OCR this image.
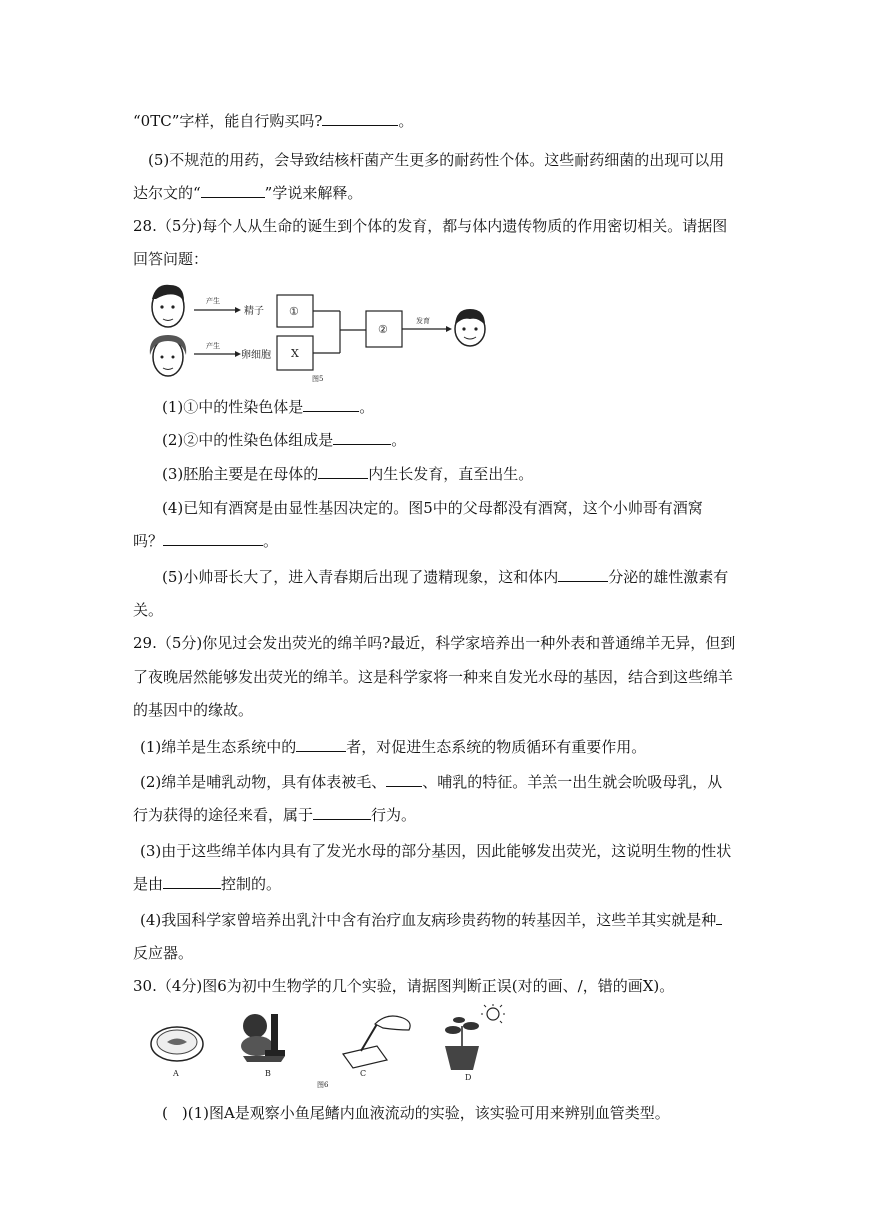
“0TC”字样，能自行购买吗?	。
(5)不规范的用药，会导致结核杆菌产生更多的耐药性个体。这些耐药细菌的出现可以用
达尔文的“	”学说来解释。
28.（5分)每个人从生命的诞生到个体的发育，都与体内遗传物质的作用密切相关。请据图
回答问题：
产生
精子 ①
产生
卵细胞 X
②
发育
图5
(1)①中的性染色体是	。
(2)②中的性染色体组成是	。
(3)胚胎主要是在母体的	内生长发育，直至出生。
(4)已知有酒窝是由显性基因决定的。图5中的父母都没有酒窝，这个小帅哥有酒窝
吗？	。
(5)小帅哥长大了，进入青春期后出现了遗精现象，这和体内	分泌的雄性激素有
关。
29.（5分)你见过会发出荧光的绵羊吗?最近，科学家培养出一种外表和普通绵羊无异，但到
了夜晚居然能够发出荧光的绵羊。这是科学家将一种来自发光水母的基因，结合到这些绵羊
的基因中的缘故。
(1)绵羊是生态系统中的	者，对促进生态系统的物质循环有重要作用。
(2)绵羊是哺乳动物，具有体表被毛、 、哺乳的特征。羊羔一出生就会吮吸母乳，从
行为获得的途径来看，属于	行为。
(3)由于这些绵羊体内具有了发光水母的部分基因，因此能够发出荧光，这说明生物的性状
是由	控制的。
(4)我国科学家曾培养出乳汁中含有治疗血友病珍贵药物的转基因羊，这些羊其实就是种
反应器。
30.（4分)图6为初中生物学的几个实验，请据图判断正误(对的画、/，错的画X)。
A	B	C	D
图6
( )(1)图A是观察小鱼尾鳍内血液流动的实验，该实验可用来辨别血管类型。
